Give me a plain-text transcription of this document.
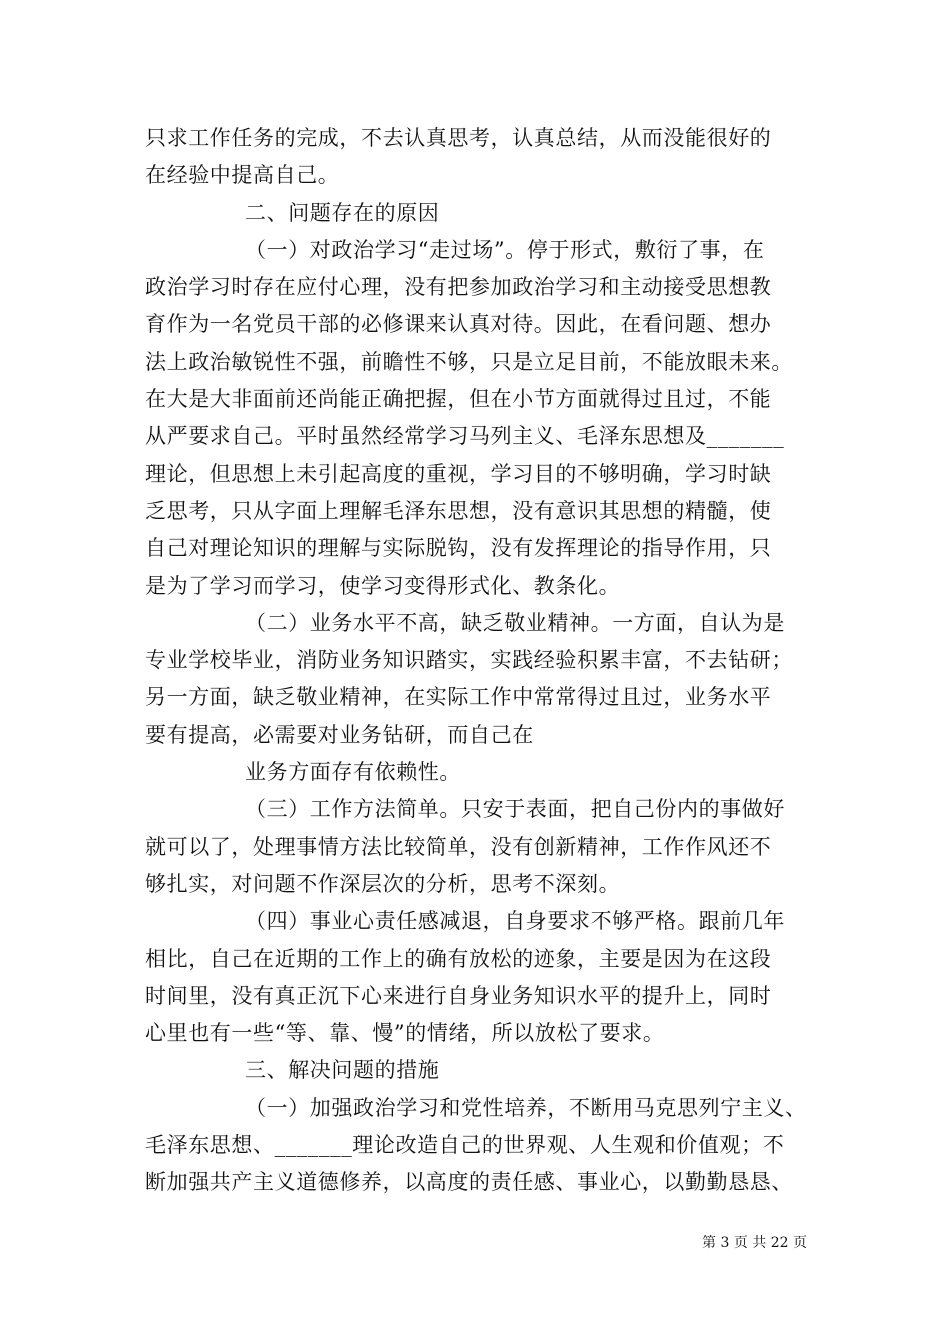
只求工作任务的完成，不去认真思考，认真总结，从而没能很好的
在经验中提高自己。
二、问题存在的原因
（一）对政治学习“走过场”。停于形式，敷衍了事，在
政治学习时存在应付心理，没有把参加政治学习和主动接受思想教
育作为一名党员干部的必修课来认真对待。因此，在看问题、想办
法上政治敏锐性不强，前瞻性不够，只是立足目前，不能放眼未来。
在大是大非面前还尚能正确把握，但在小节方面就得过且过，不能
从严要求自己。平时虽然经常学习马列主义、毛泽东思想及_______
理论，但思想上未引起高度的重视，学习目的不够明确，学习时缺
乏思考，只从字面上理解毛泽东思想，没有意识其思想的精髓，使
自己对理论知识的理解与实际脱钩，没有发挥理论的指导作用，只
是为了学习而学习，使学习变得形式化、教条化。
（二）业务水平不高，缺乏敬业精神。一方面，自认为是
专业学校毕业，消防业务知识踏实，实践经验积累丰富，不去钻研；
另一方面，缺乏敬业精神，在实际工作中常常得过且过，业务水平
要有提高，必需要对业务钻研，而自己在
业务方面存有依赖性。
（三）工作方法简单。只安于表面，把自己份内的事做好
就可以了，处理事情方法比较简单，没有创新精神，工作作风还不
够扎实，对问题不作深层次的分析，思考不深刻。
（四）事业心责任感减退，自身要求不够严格。跟前几年
相比，自己在近期的工作上的确有放松的迹象，主要是因为在这段
时间里，没有真正沉下心来进行自身业务知识水平的提升上，同时
心里也有一些“等、靠、慢”的情绪，所以放松了要求。
三、解决问题的措施
（一）加强政治学习和党性培养，不断用马克思列宁主义、
毛泽东思想、_______理论改造自己的世界观、人生观和价值观；不
断加强共产主义道德修养，以高度的责任感、事业心，以勤勤恳恳、
第 3 页 共 22 页
